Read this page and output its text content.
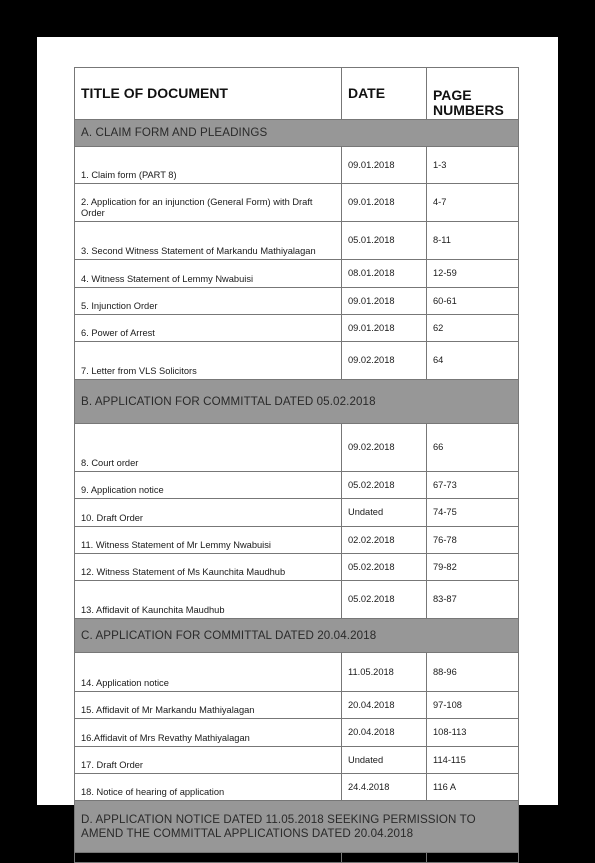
TITLE OF DOCUMENT	DATE	PAGE NUMBERS
A. CLAIM FORM AND PLEADINGS		
1. Claim form (PART 8)	09.01.2018	1-3
2. Application for an injunction (General Form) with Draft Order	09.01.2018	4-7
3. Second Witness Statement of Markandu Mathiyalagan	05.01.2018	8-11
4. Witness Statement of Lemmy Nwabuisi	08.01.2018	12-59
5. Injunction Order	09.01.2018	60-61
6. Power of Arrest	09.01.2018	62
7. Letter from VLS Solicitors	09.02.2018	64
B. APPLICATION FOR COMMITTAL DATED 05.02.2018		
8. Court order	09.02.2018	66
9. Application notice	05.02.2018	67-73
10. Draft Order	Undated	74-75
11. Witness Statement of Mr Lemmy Nwabuisi	02.02.2018	76-78
12. Witness Statement of Ms Kaunchita Maudhub	05.02.2018	79-82
13. Affidavit of Kaunchita Maudhub	05.02.2018	83-87
C. APPLICATION FOR COMMITTAL DATED 20.04.2018		
14. Application notice	11.05.2018	88-96
15. Affidavit of Mr Markandu Mathiyalagan	20.04.2018	97-108
16.Affidavit of Mrs Revathy Mathiyalagan	20.04.2018	108-113
17. Draft Order	Undated	114-115
18. Notice of hearing of application	24.4.2018	116 A
D. APPLICATION NOTICE DATED 11.05.2018 SEEKING PERMISSION TO AMEND THE COMMITTAL APPLICATIONS DATED 20.04.2018		
